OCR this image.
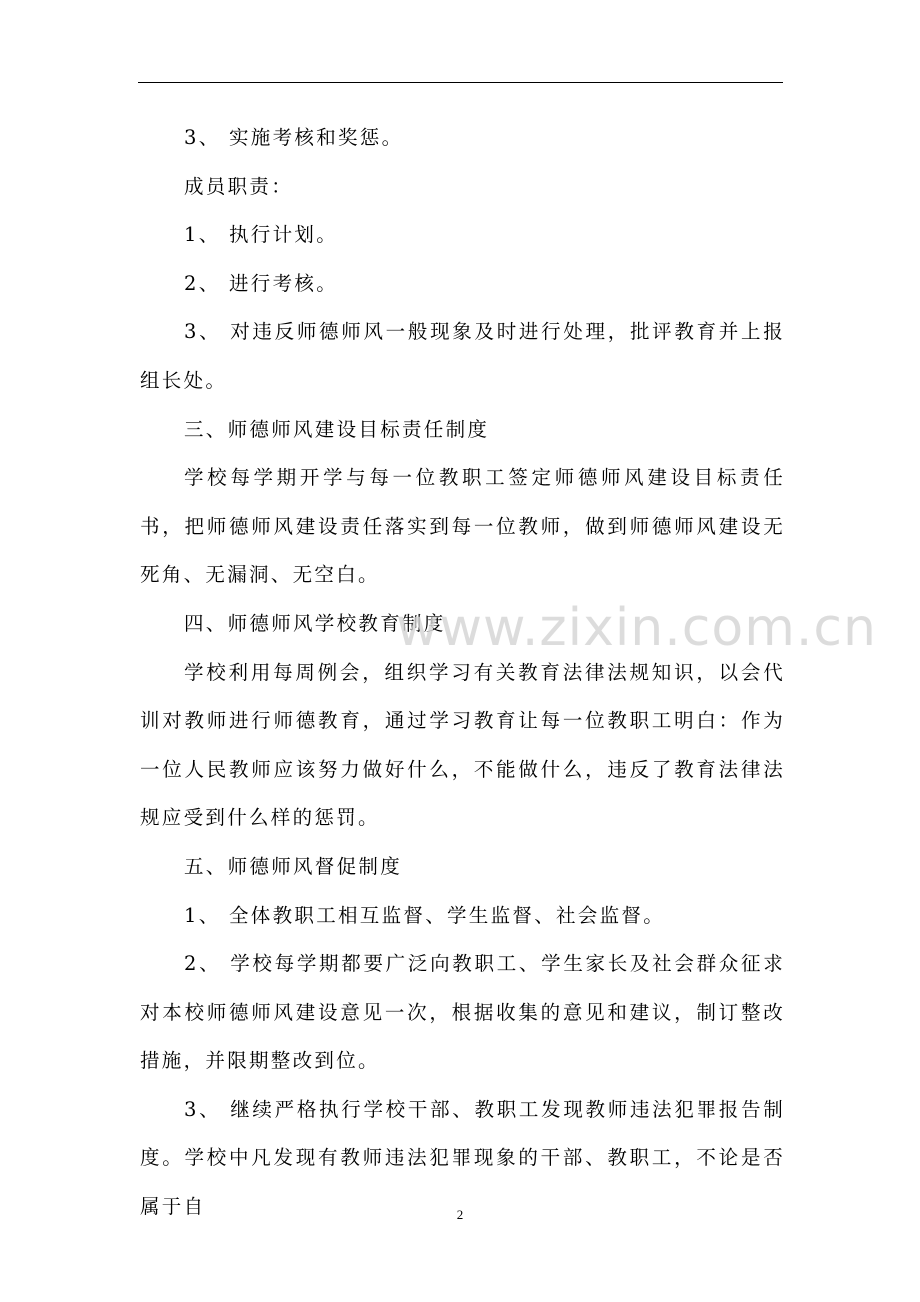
3、 实施考核和奖惩。

成员职责：

1、 执行计划。

2、 进行考核。

3、 对违反师德师风一般现象及时进行处理，批评教育并上报组长处。

三、师德师风建设目标责任制度

学校每学期开学与每一位教职工签定师德师风建设目标责任书，把师德师风建设责任落实到每一位教师，做到师德师风建设无死角、无漏洞、无空白。

四、师德师风学校教育制度

学校利用每周例会，组织学习有关教育法律法规知识，以会代训对教师进行师德教育，通过学习教育让每一位教职工明白：作为一位人民教师应该努力做好什么，不能做什么，违反了教育法律法规应受到什么样的惩罚。

五、师德师风督促制度

1、 全体教职工相互监督、学生监督、社会监督。

2、 学校每学期都要广泛向教职工、学生家长及社会群众征求对本校师德师风建设意见一次，根据收集的意见和建议，制订整改措施，并限期整改到位。

3、 继续严格执行学校干部、教职工发现教师违法犯罪报告制度。学校中凡发现有教师违法犯罪现象的干部、教职工，不论是否属于自

www.zixin.com.cn
2
